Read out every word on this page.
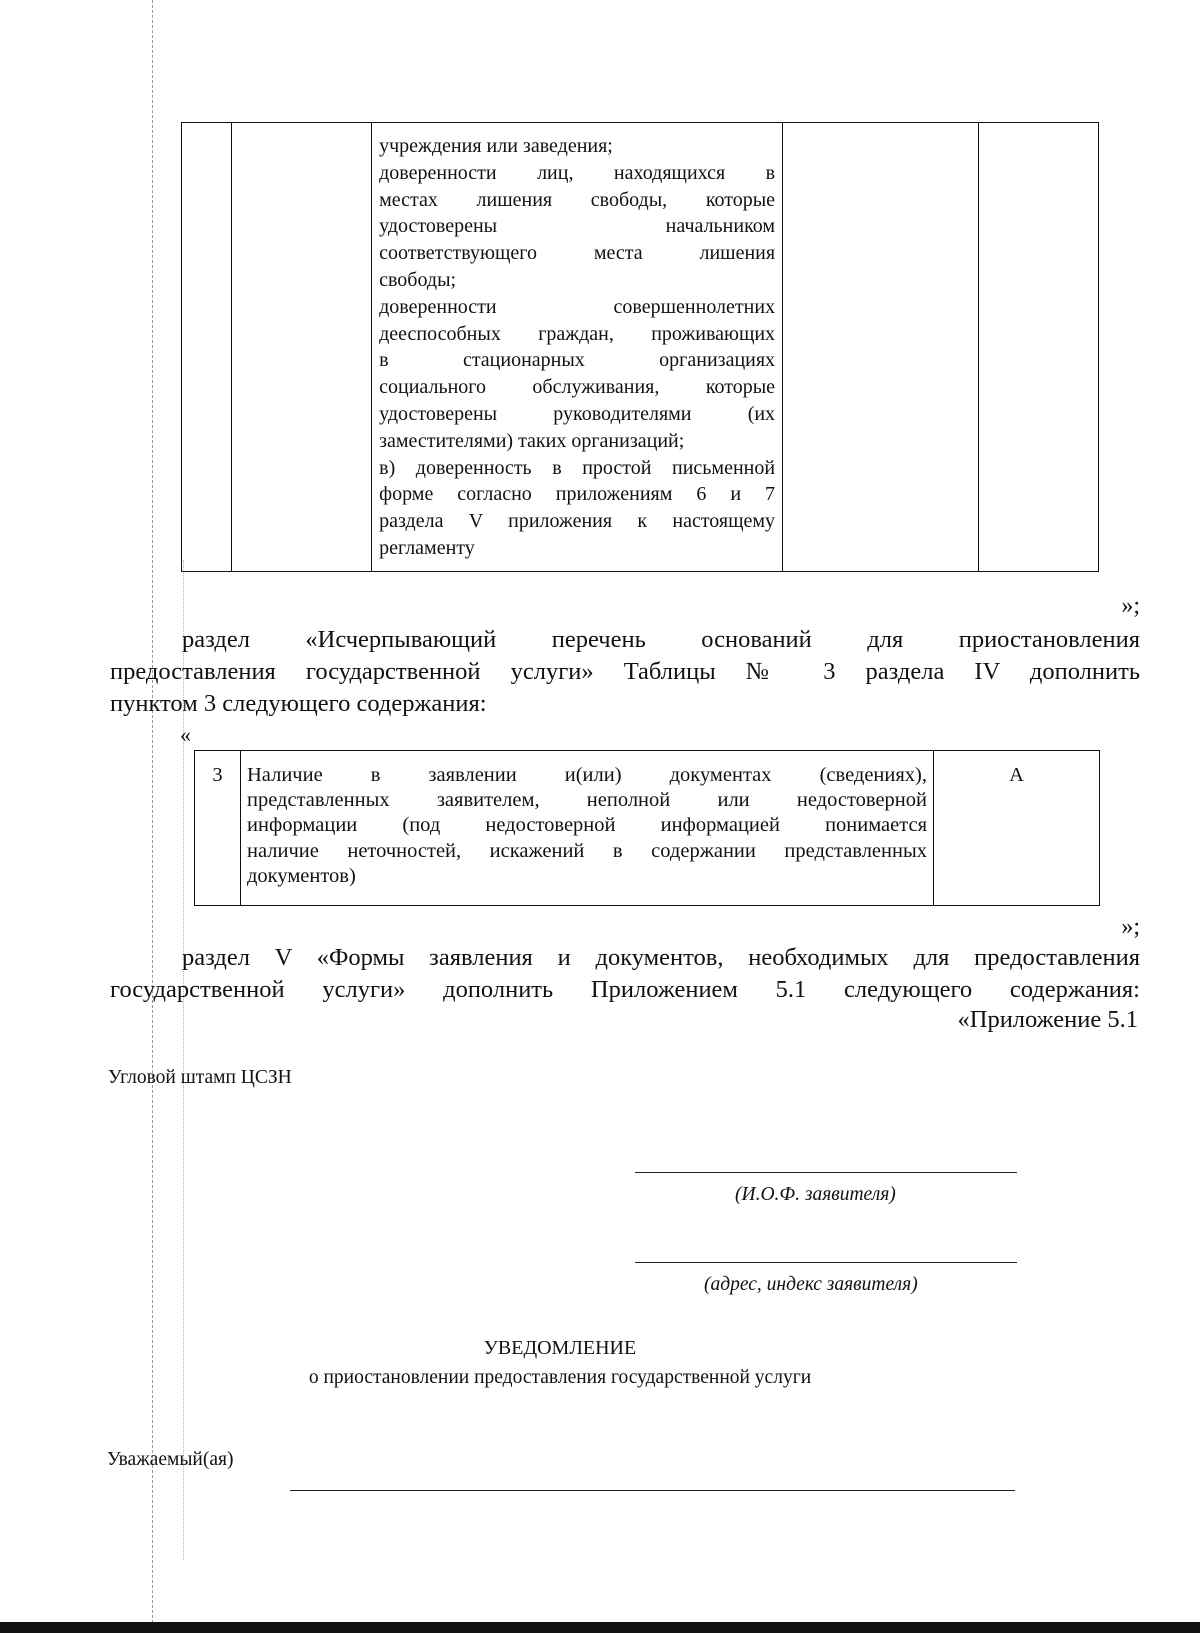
учреждения или заведения;

доверенности лиц, находящихся в

местах лишения свободы, которые

удостоверены начальником

соответствующего места лишения

свободы;

доверенности совершеннолетних

дееспособных граждан, проживающих

в стационарных организациях

социального обслуживания, которые

удостоверены руководителями (их

заместителями) таких организаций;

в) доверенность в простой письменной

форме согласно приложениям 6 и 7

раздела V приложения к настоящему

регламенту

»;
раздел «Исчерпывающий перечень оснований для приостановления
предоставления государственной услуги» Таблицы № 3 раздела IV дополнить
пунктом 3 следующего содержания:
«
3	Наличие в заявлении и(или) документах (сведениях),
представленных заявителем, неполной или недостоверной
информации (под недостоверной информацией понимается
наличие неточностей, искажений в содержании представленных
документов)
	А
»;
раздел V «Формы заявления и документов, необходимых для предоставления
государственной услуги» дополнить Приложением 5.1 следующего содержания:
«Приложение 5.1
Угловой штамп ЦСЗН
(И.О.Ф. заявителя)
(адрес, индекс заявителя)
УВЕДОМЛЕНИЕ
о приостановлении предоставления государственной услуги
Уважаемый(ая)
